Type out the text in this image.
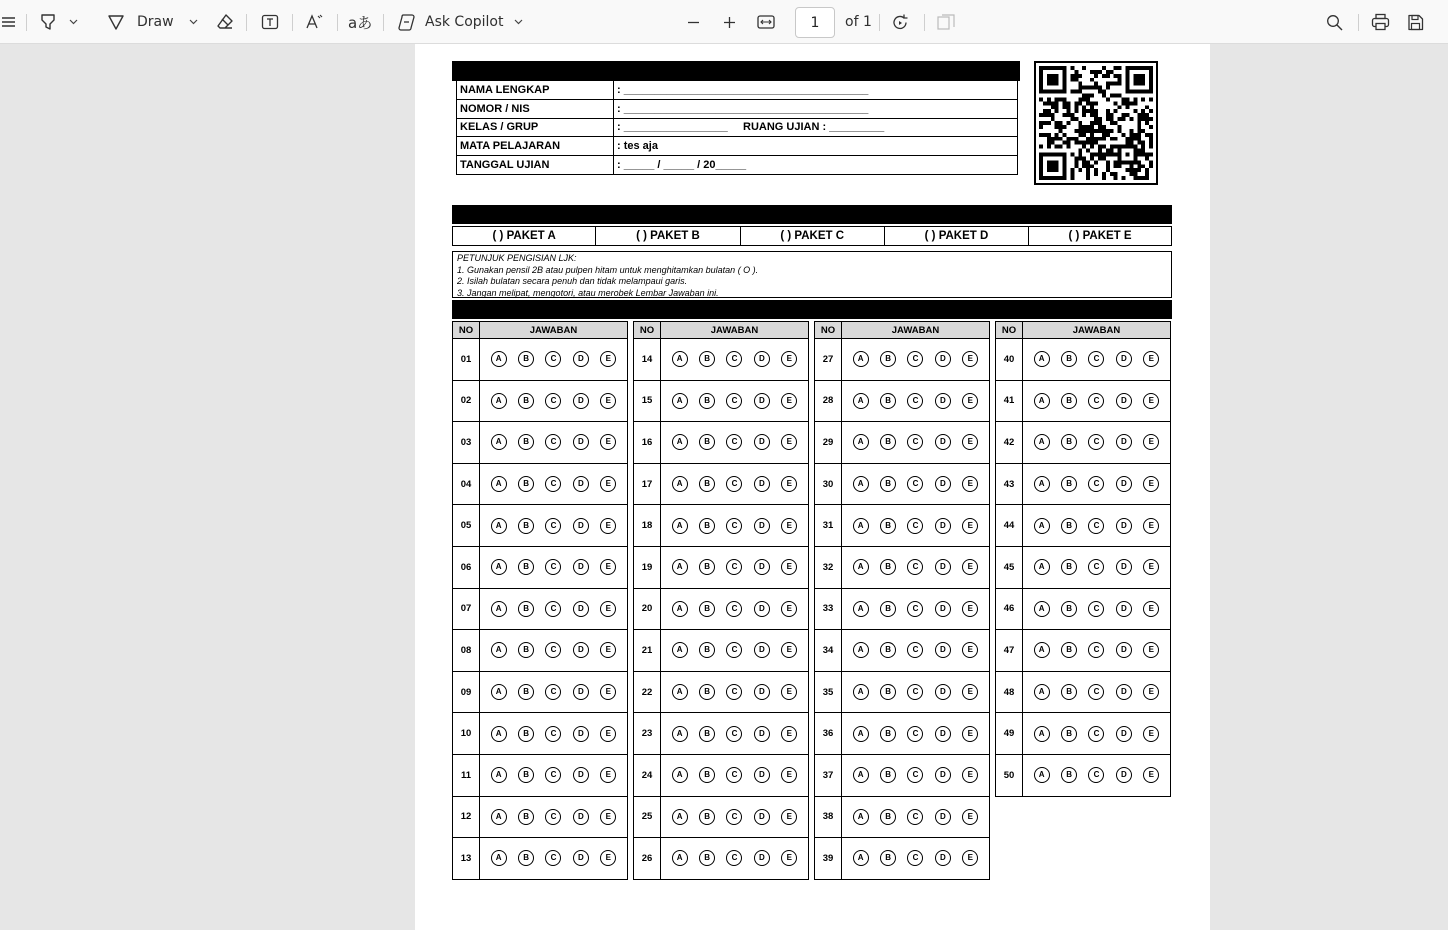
Draw	aあ	Ask Copilot
1	of 1
NAMA LENGKAP	: ________________________________________
NOMOR / NIS	: ________________________________________
KELAS / GRUP	: _________________     RUANG UJIAN : _________
MATA PELAJARAN	: tes aja
TANGGAL UJIAN	: _____ / _____ / 20_____
( ) PAKET A	( ) PAKET B	( ) PAKET C	( ) PAKET D	( ) PAKET E
PETUNJUK PENGISIAN LJK:
1. Gunakan pensil 2B atau pulpen hitam untuk menghitamkan bulatan ( O ).
2. Isilah bulatan secara penuh dan tidak melampaui garis.
3. Jangan melipat, mengotori, atau merobek Lembar Jawaban ini.
NO	JAWABAN
01	A B C D E

02	A B C D E

03	A B C D E

04	A B C D E

05	A B C D E

06	A B C D E

07	A B C D E

08	A B C D E

09	A B C D E

10	A B C D E

11	A B C D E

12	A B C D E

13	A B C D E
NO	JAWABAN
14	A B C D E

15	A B C D E

16	A B C D E

17	A B C D E

18	A B C D E

19	A B C D E

20	A B C D E

21	A B C D E

22	A B C D E

23	A B C D E

24	A B C D E

25	A B C D E

26	A B C D E
NO	JAWABAN
27	A B C D E

28	A B C D E

29	A B C D E

30	A B C D E

31	A B C D E

32	A B C D E

33	A B C D E

34	A B C D E

35	A B C D E

36	A B C D E

37	A B C D E

38	A B C D E

39	A B C D E
NO	JAWABAN
40	A B C D E

41	A B C D E

42	A B C D E

43	A B C D E

44	A B C D E

45	A B C D E

46	A B C D E

47	A B C D E

48	A B C D E

49	A B C D E

50	A B C D E
